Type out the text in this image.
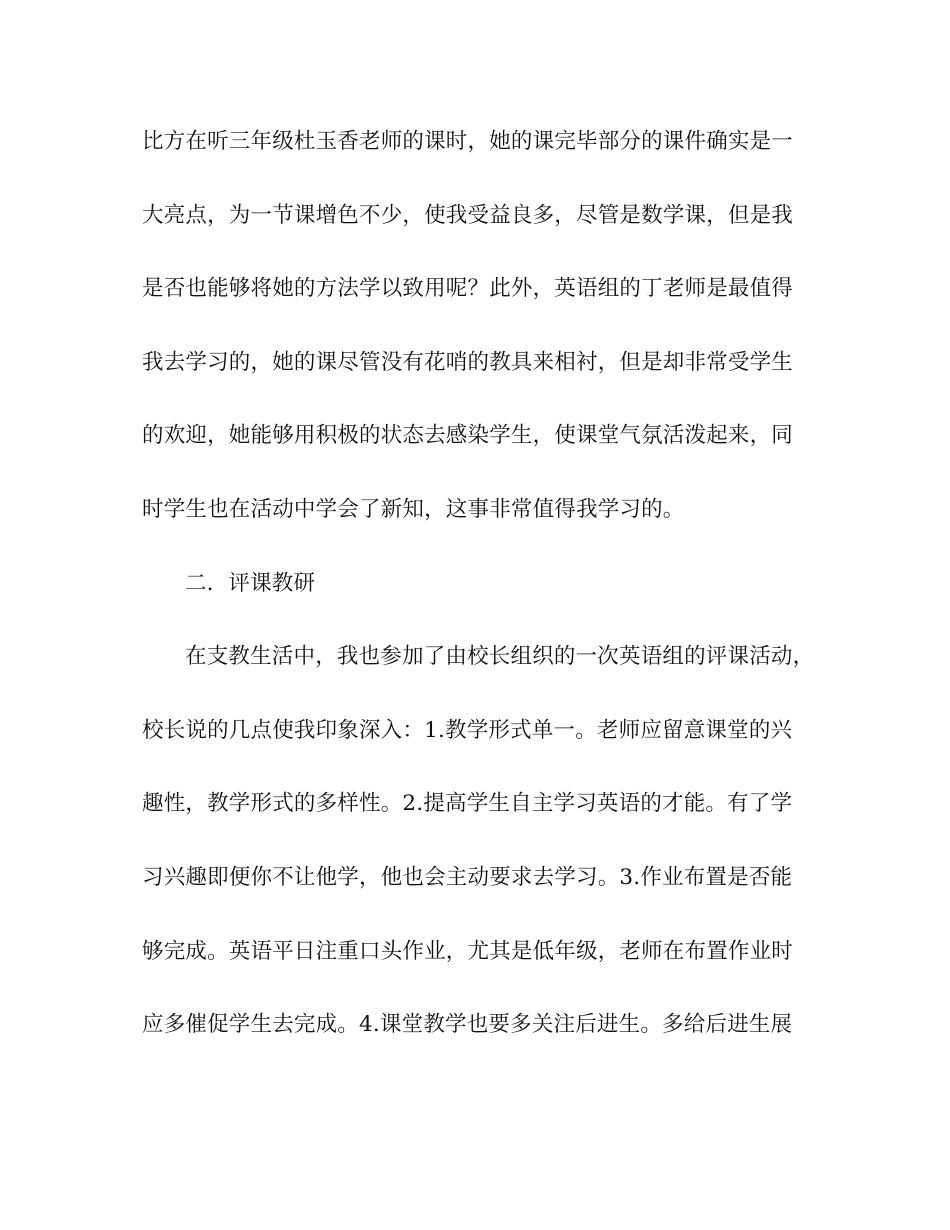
比方在听三年级杜玉香老师的课时，她的课完毕部分的课件确实是一
大亮点，为一节课增色不少，使我受益良多，尽管是数学课，但是我
是否也能够将她的方法学以致用呢？此外，英语组的丁老师是最值得
我去学习的，她的课尽管没有花哨的教具来相衬，但是却非常受学生
的欢迎，她能够用积极的状态去感染学生，使课堂气氛活泼起来，同
时学生也在活动中学会了新知，这事非常值得我学习的。
二．评课教研
在支教生活中，我也参加了由校长组织的一次英语组的评课活动，
校长说的几点使我印象深入：1.教学形式单一。老师应留意课堂的兴
趣性，教学形式的多样性。2.提高学生自主学习英语的才能。有了学
习兴趣即便你不让他学，他也会主动要求去学习。3.作业布置是否能
够完成。英语平日注重口头作业，尤其是低年级，老师在布置作业时
应多催促学生去完成。4.课堂教学也要多关注后进生。多给后进生展
